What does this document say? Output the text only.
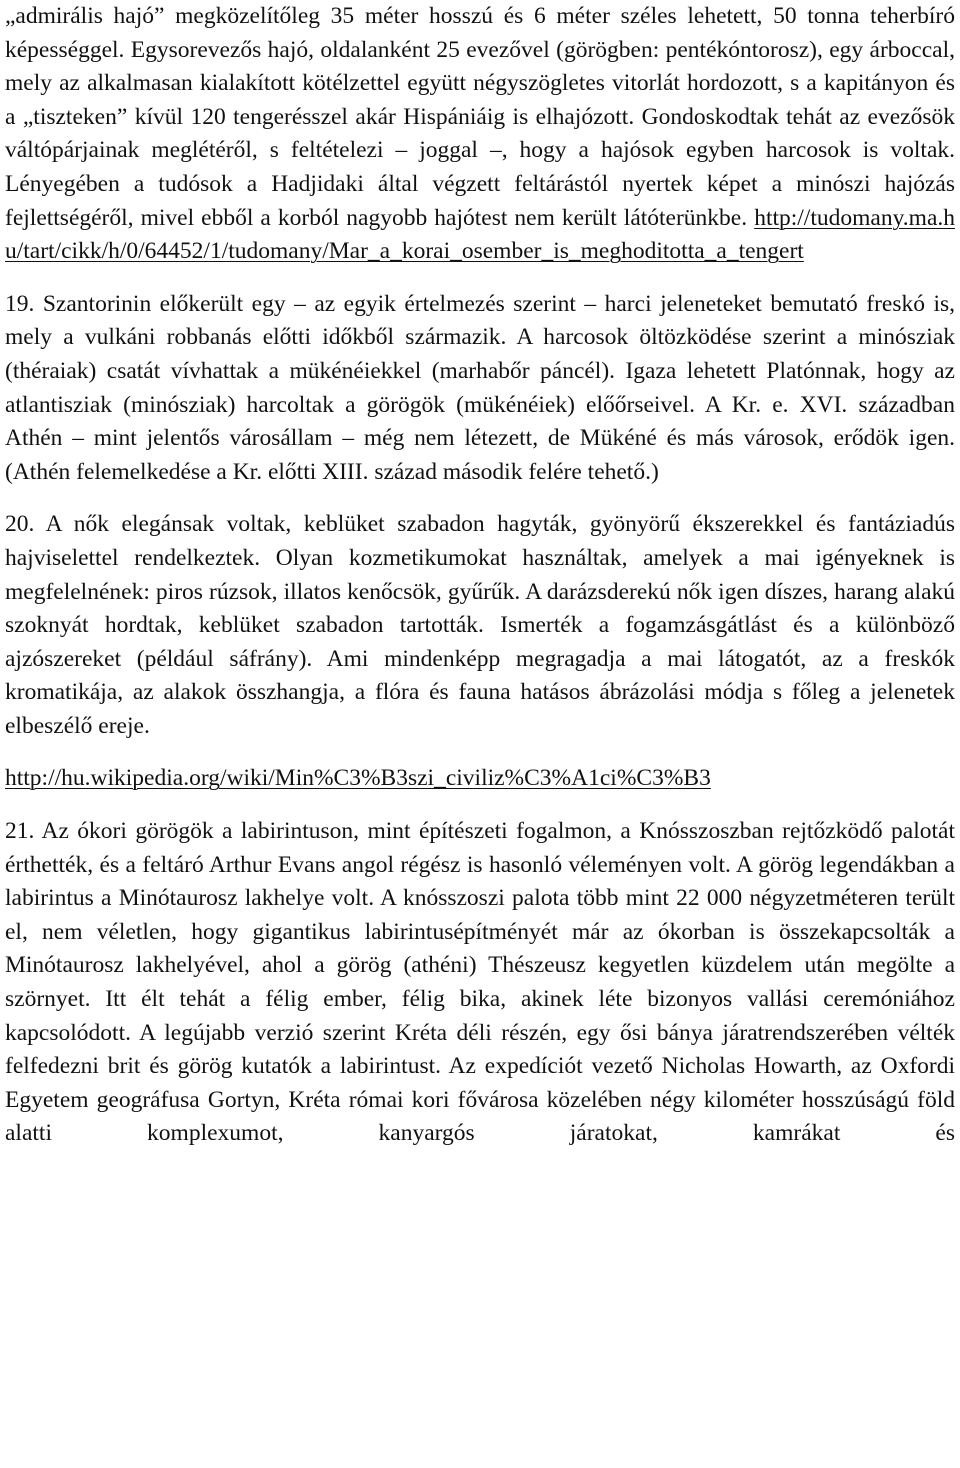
„admirális hajó” megközelítőleg 35 méter hosszú és 6 méter széles lehetett, 50 tonna teherbíró képességgel. Egysorevezős hajó, oldalanként 25 evezővel (görögben: pentékóntorosz), egy árboccal, mely az alkalmasan kialakított kötélzettel együtt négyszögletes vitorlát hordozott, s a kapitányon és a „tiszteken” kívül 120 tengerésszel akár Hispániáig is elhajózott. Gondoskodtak tehát az evezősök váltópárjainak meglétéről, s feltételezi – joggal –, hogy a hajósok egyben harcosok is voltak. Lényegében a tudósok a Hadjidaki által végzett feltárástól nyertek képet a minószi hajózás fejlettségéről, mivel ebből a korból nagyobb hajótest nem került látóterünkbe. http://tudomany.ma.hu/tart/cikk/h/0/64452/1/tudomany/Mar_a_korai_osember_is_meghoditotta_a_tengert

19. Szantorinin előkerült egy – az egyik értelmezés szerint – harci jeleneteket bemutató freskó is, mely a vulkáni robbanás előtti időkből származik. A harcosok öltözködése szerint a minósziak (théraiak) csatát vívhattak a mükénéiekkel (marhabőr páncél). Igaza lehetett Platónnak, hogy az atlantisziak (minósziak) harcoltak a görögök (mükénéiek) előőrseivel. A Kr. e. XVI. században Athén – mint jelentős városállam – még nem létezett, de Mükéné és más városok, erődök igen. (Athén felemelkedése a Kr. előtti XIII. század második felére tehető.)

20. A nők elegánsak voltak, keblüket szabadon hagyták, gyönyörű ékszerekkel és fantáziadús hajviselettel rendelkeztek. Olyan kozmetikumokat használtak, amelyek a mai igényeknek is megfelelnének: piros rúzsok, illatos kenőcsök, gyűrűk. A darázsderekú nők igen díszes, harang alakú szoknyát hordtak, keblüket szabadon tartották. Ismerték a fogamzásgátlást és a különböző ajzószereket (például sáfrány). Ami mindenképp megragadja a mai látogatót, az a freskók kromatikája, az alakok összhangja, a flóra és fauna hatásos ábrázolási módja s főleg a jelenetek elbeszélő ereje.

http://hu.wikipedia.org/wiki/Min%C3%B3szi_civiliz%C3%A1ci%C3%B3

21. Az ókori görögök a labirintuson, mint építészeti fogalmon, a Knósszoszban rejtőzködő palotát érthették, és a feltáró Arthur Evans angol régész is hasonló véleményen volt. A görög legendákban a labirintus a Minótaurosz lakhelye volt. A knósszoszi palota több mint 22 000 négyzetméteren terült el, nem véletlen, hogy gigantikus labirintusépítményét már az ókorban is összekapcsolták a Minótaurosz lakhelyével, ahol a görög (athéni) Thészeusz kegyetlen küzdelem után megölte a szörnyet. Itt élt tehát a félig ember, félig bika, akinek léte bizonyos vallási ceremóniához kapcsolódott. A legújabb verzió szerint Kréta déli részén, egy ősi bánya járatrendszerében vélték felfedezni brit és görög kutatók a labirintust. Az expedíciót vezető Nicholas Howarth, az Oxfordi Egyetem geográfusa Gortyn, Kréta római kori fővárosa közelében négy kilométer hosszúságú föld alatti komplexumot, kanyargós járatokat, kamrákat és
